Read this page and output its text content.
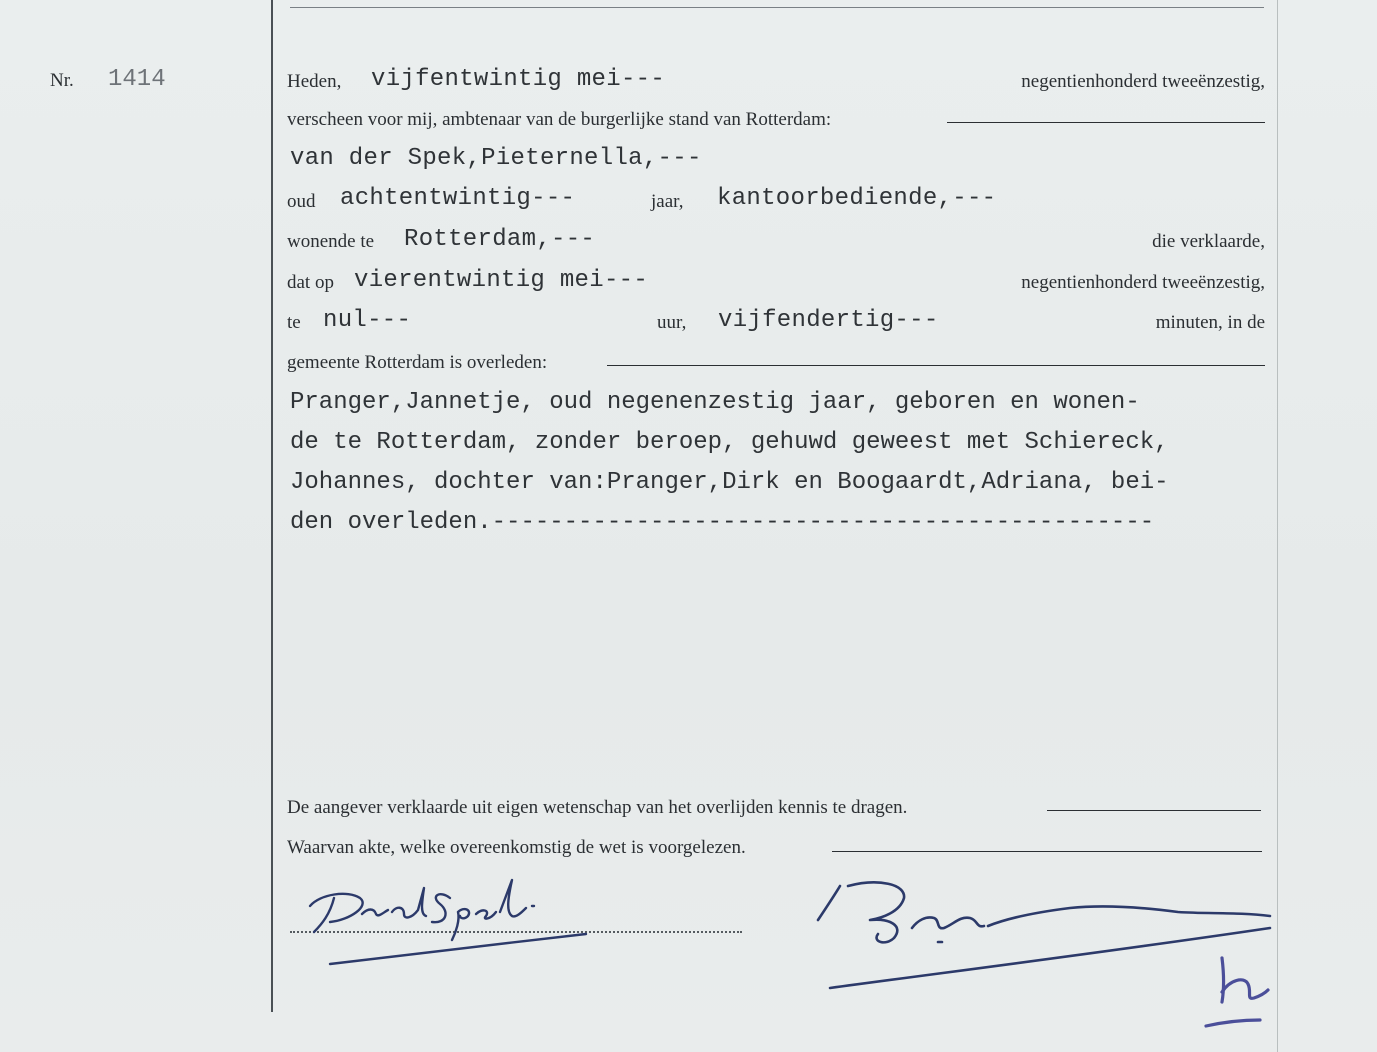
Nr. 1414	Heden, vijfentwintig mei---	negentienhonderd tweeënzestig,
verscheen voor mij, ambtenaar van de burgerlijke stand van Rotterdam:
van der Spek,Pieternella,---
oud achtentwintig---	jaar, kantoorbediende,---
wonende te Rotterdam,---	die verklaarde,
dat op vierentwintig mei---	negentienhonderd tweeënzestig,
te nul---	uur, vijfendertig---	minuten, in de
gemeente Rotterdam is overleden:
Pranger,Jannetje, oud negenenzestig jaar, geboren en wonen-
de te Rotterdam, zonder beroep, gehuwd geweest met Schiereck,
Johannes, dochter van:Pranger,Dirk en Boogaardt,Adriana, bei-
den overleden.----------------------------------------------
De aangever verklaarde uit eigen wetenschap van het overlijden kennis te dragen.
Waarvan akte, welke overeenkomstig de wet is voorgelezen.
